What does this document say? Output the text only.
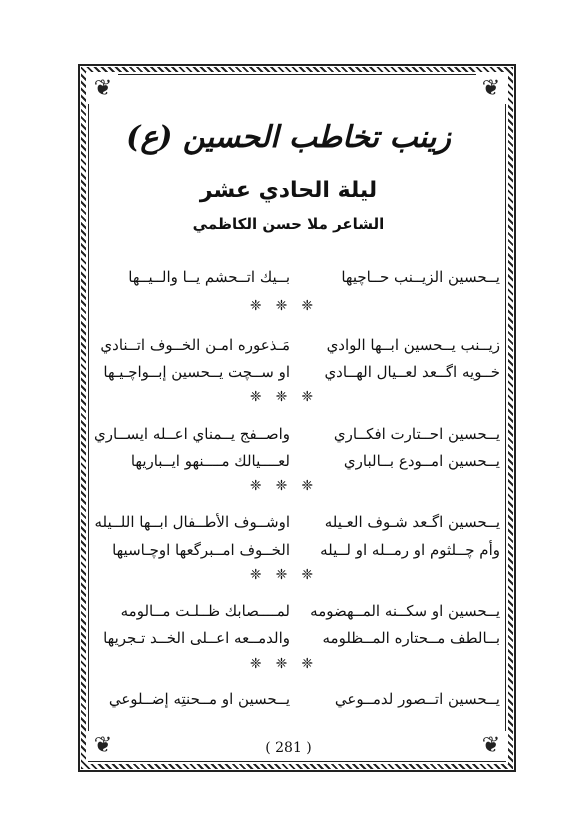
❦	❦
❦	❦
زينب تخاطب الحسين (ع)
ليلة الحادي عشر
الشاعر ملا حسن الكاظمي
يــحسين الزيــنب حــاچيها
بــيك اتــحشم يــا والــيــها
❈❈❈
زيــنب يــحسين ابــها الوادي
مَـذعوره امـن الخــوف اتــنادي
خــويه اگــعد لعــيال الهــادي
او ســچت يــحسين إبــواچـيـها
❈❈❈
يــحسين احــتارت افكــاري
واصــفج يــمناي اعــله ايســاري
يــحسين امــودع بــالباري
لعــــيالك مــــنهو ايــباريها
❈❈❈
يــحسين اگـعد شـوف العـيله
اوشــوف الأطــفال ابــها اللــيله
وأم چــلثوم او رمــله او لــيله
الخــوف امــبرگعها اوچـاسيها
❈❈❈
يــحسين او سكــنه المــهضومه
لمــــصابك ظــلـت مــالومه
بــالطف مــحتاره المــظلومه
والدمــعه اعــلى الخــد تـجريها
❈❈❈
يــحسين اتــصور لدمــوعي
يــحسين او مــحنتِه إضــلوعي
( 281 )
